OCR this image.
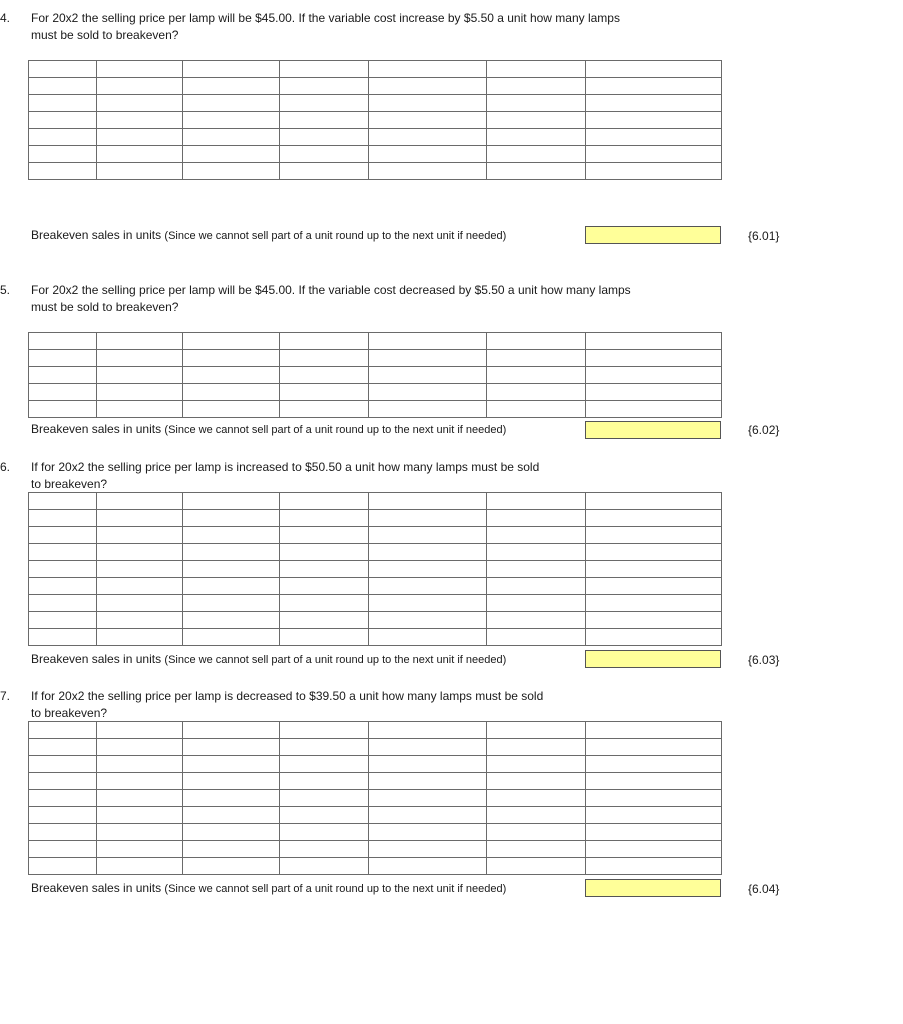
4. For 20x2 the selling price per lamp will be $45.00. If the variable cost increase by $5.50 a unit how many lamps
must be sold to breakeven?

Breakeven sales in units (Since we cannot sell part of a unit round up to the next unit if needed)	{6.01}
5. For 20x2 the selling price per lamp will be $45.00. If the variable cost decreased by $5.50 a unit how many lamps
must be sold to breakeven?

Breakeven sales in units (Since we cannot sell part of a unit round up to the next unit if needed)	{6.02}
6. If for 20x2 the selling price per lamp is increased to $50.50 a unit how many lamps must be sold
to breakeven?

Breakeven sales in units (Since we cannot sell part of a unit round up to the next unit if needed)	{6.03}
7. If for 20x2 the selling price per lamp is decreased to $39.50 a unit how many lamps must be sold
to breakeven?

Breakeven sales in units (Since we cannot sell part of a unit round up to the next unit if needed)	{6.04}
